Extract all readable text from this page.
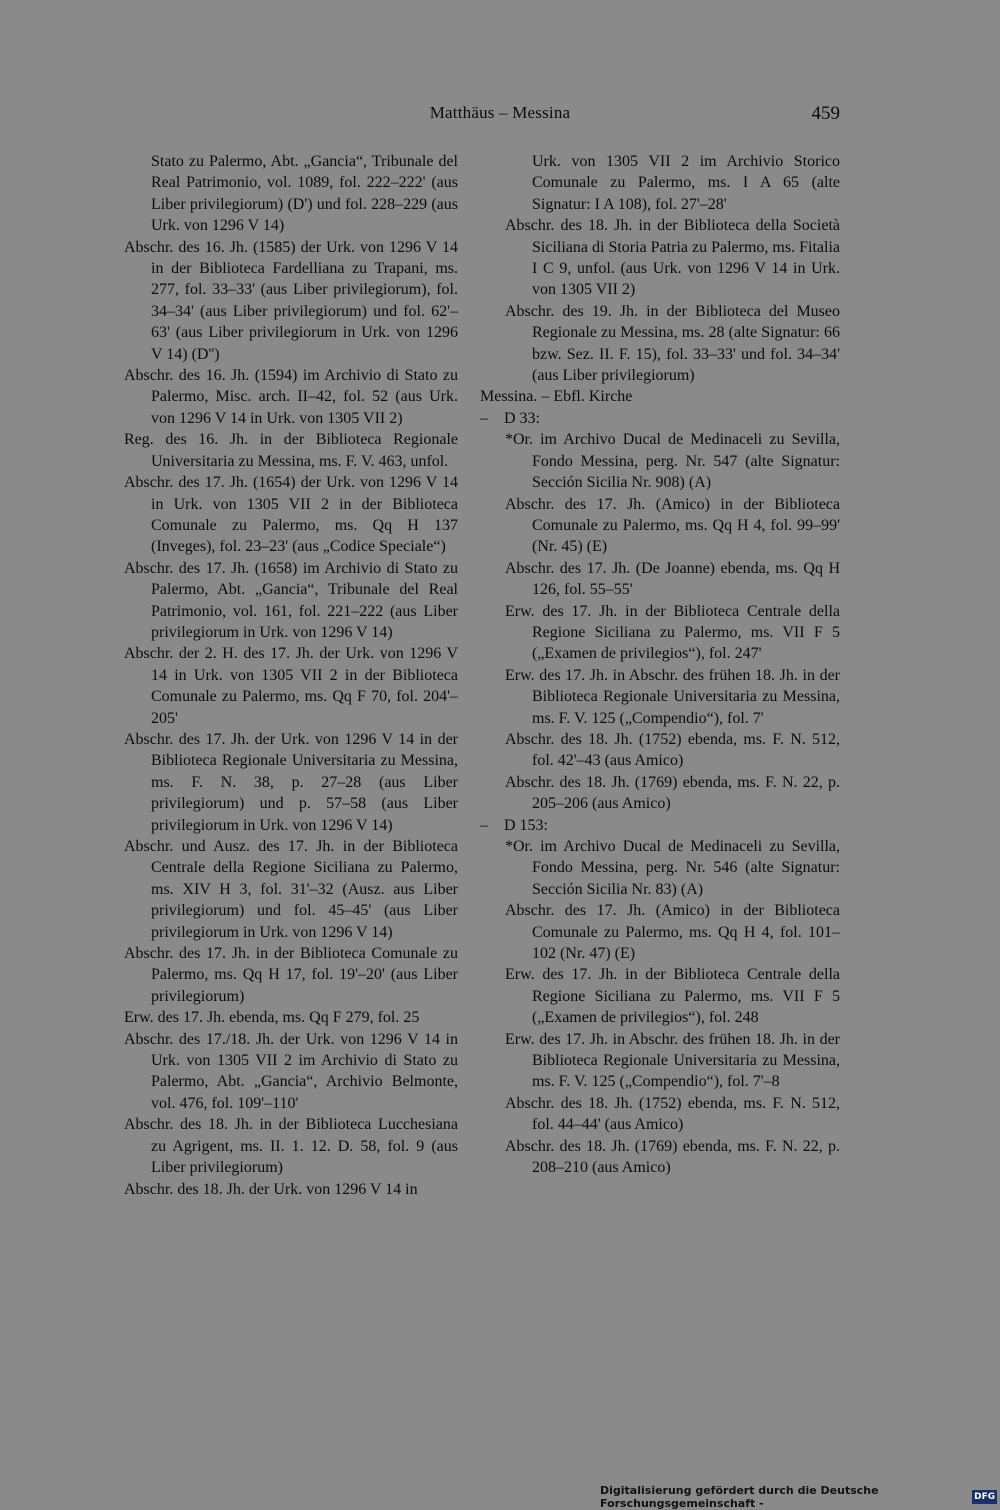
Matthäus – Messina	459

Stato zu Palermo, Abt. „Gancia“, Tribunale del Real Patrimonio, vol. 1089, fol. 222–222' (aus Liber privilegiorum) (D') und fol. 228–229 (aus Urk. von 1296 V 14)

Abschr. des 16. Jh. (1585) der Urk. von 1296 V 14 in der Biblioteca Fardelliana zu Trapani, ms. 277, fol. 33–33' (aus Liber privilegiorum), fol. 34–34' (aus Liber privilegiorum) und fol. 62'–63' (aus Liber privilegiorum in Urk. von 1296 V 14) (D'')

Abschr. des 16. Jh. (1594) im Archivio di Stato zu Palermo, Misc. arch. II–42, fol. 52 (aus Urk. von 1296 V 14 in Urk. von 1305 VII 2)

Reg. des 16. Jh. in der Biblioteca Regionale Universitaria zu Messina, ms. F. V. 463, unfol.

Abschr. des 17. Jh. (1654) der Urk. von 1296 V 14 in Urk. von 1305 VII 2 in der Biblioteca Comunale zu Palermo, ms. Qq H 137 (Inveges), fol. 23–23' (aus „Codice Speciale“)

Abschr. des 17. Jh. (1658) im Archivio di Stato zu Palermo, Abt. „Gancia“, Tribunale del Real Patrimonio, vol. 161, fol. 221–222 (aus Liber privilegiorum in Urk. von 1296 V 14)

Abschr. der 2. H. des 17. Jh. der Urk. von 1296 V 14 in Urk. von 1305 VII 2 in der Biblioteca Comunale zu Palermo, ms. Qq F 70, fol. 204'–205'

Abschr. des 17. Jh. der Urk. von 1296 V 14 in der Biblioteca Regionale Universitaria zu Messina, ms. F. N. 38, p. 27–28 (aus Liber privilegiorum) und p. 57–58 (aus Liber privilegiorum in Urk. von 1296 V 14)

Abschr. und Ausz. des 17. Jh. in der Biblioteca Centrale della Regione Siciliana zu Palermo, ms. XIV H 3, fol. 31'–32 (Ausz. aus Liber privilegiorum) und fol. 45–45' (aus Liber privilegiorum in Urk. von 1296 V 14)

Abschr. des 17. Jh. in der Biblioteca Comunale zu Palermo, ms. Qq H 17, fol. 19'–20' (aus Liber privilegiorum)

Erw. des 17. Jh. ebenda, ms. Qq F 279, fol. 25

Abschr. des 17./18. Jh. der Urk. von 1296 V 14 in Urk. von 1305 VII 2 im Archivio di Stato zu Palermo, Abt. „Gancia“, Archivio Belmonte, vol. 476, fol. 109'–110'

Abschr. des 18. Jh. in der Biblioteca Lucchesiana zu Agrigent, ms. II. 1. 12. D. 58, fol. 9 (aus Liber privilegiorum)

Abschr. des 18. Jh. der Urk. von 1296 V 14 in

Urk. von 1305 VII 2 im Archivio Storico Comunale zu Palermo, ms. I A 65 (alte Signatur: I A 108), fol. 27'–28'

Abschr. des 18. Jh. in der Biblioteca della Società Siciliana di Storia Patria zu Palermo, ms. Fitalia I C 9, unfol. (aus Urk. von 1296 V 14 in Urk. von 1305 VII 2)

Abschr. des 19. Jh. in der Biblioteca del Museo Regionale zu Messina, ms. 28 (alte Signatur: 66 bzw. Sez. II. F. 15), fol. 33–33' und fol. 34–34' (aus Liber privilegiorum)

Messina. – Ebfl. Kirche

–	D 33:

*Or. im Archivo Ducal de Medinaceli zu Sevilla, Fondo Messina, perg. Nr. 547 (alte Signatur: Sección Sicilia Nr. 908) (A)

Abschr. des 17. Jh. (Amico) in der Biblioteca Comunale zu Palermo, ms. Qq H 4, fol. 99–99' (Nr. 45) (E)

Abschr. des 17. Jh. (De Joanne) ebenda, ms. Qq H 126, fol. 55–55'

Erw. des 17. Jh. in der Biblioteca Centrale della Regione Siciliana zu Palermo, ms. VII F 5 („Examen de privilegios“), fol. 247'

Erw. des 17. Jh. in Abschr. des frühen 18. Jh. in der Biblioteca Regionale Universitaria zu Messina, ms. F. V. 125 („Compendio“), fol. 7'

Abschr. des 18. Jh. (1752) ebenda, ms. F. N. 512, fol. 42'–43 (aus Amico)

Abschr. des 18. Jh. (1769) ebenda, ms. F. N. 22, p. 205–206 (aus Amico)

–	D 153:

*Or. im Archivo Ducal de Medinaceli zu Sevilla, Fondo Messina, perg. Nr. 546 (alte Signatur: Sección Sicilia Nr. 83) (A)

Abschr. des 17. Jh. (Amico) in der Biblioteca Comunale zu Palermo, ms. Qq H 4, fol. 101–102 (Nr. 47) (E)

Erw. des 17. Jh. in der Biblioteca Centrale della Regione Siciliana zu Palermo, ms. VII F 5 („Examen de privilegios“), fol. 248

Erw. des 17. Jh. in Abschr. des frühen 18. Jh. in der Biblioteca Regionale Universitaria zu Messina, ms. F. V. 125 („Compendio“), fol. 7'–8

Abschr. des 18. Jh. (1752) ebenda, ms. F. N. 512, fol. 44–44' (aus Amico)

Abschr. des 18. Jh. (1769) ebenda, ms. F. N. 22, p. 208–210 (aus Amico)

Digitalisierung gefördert durch die Deutsche Forschungsgemeinschaft -	DFG
